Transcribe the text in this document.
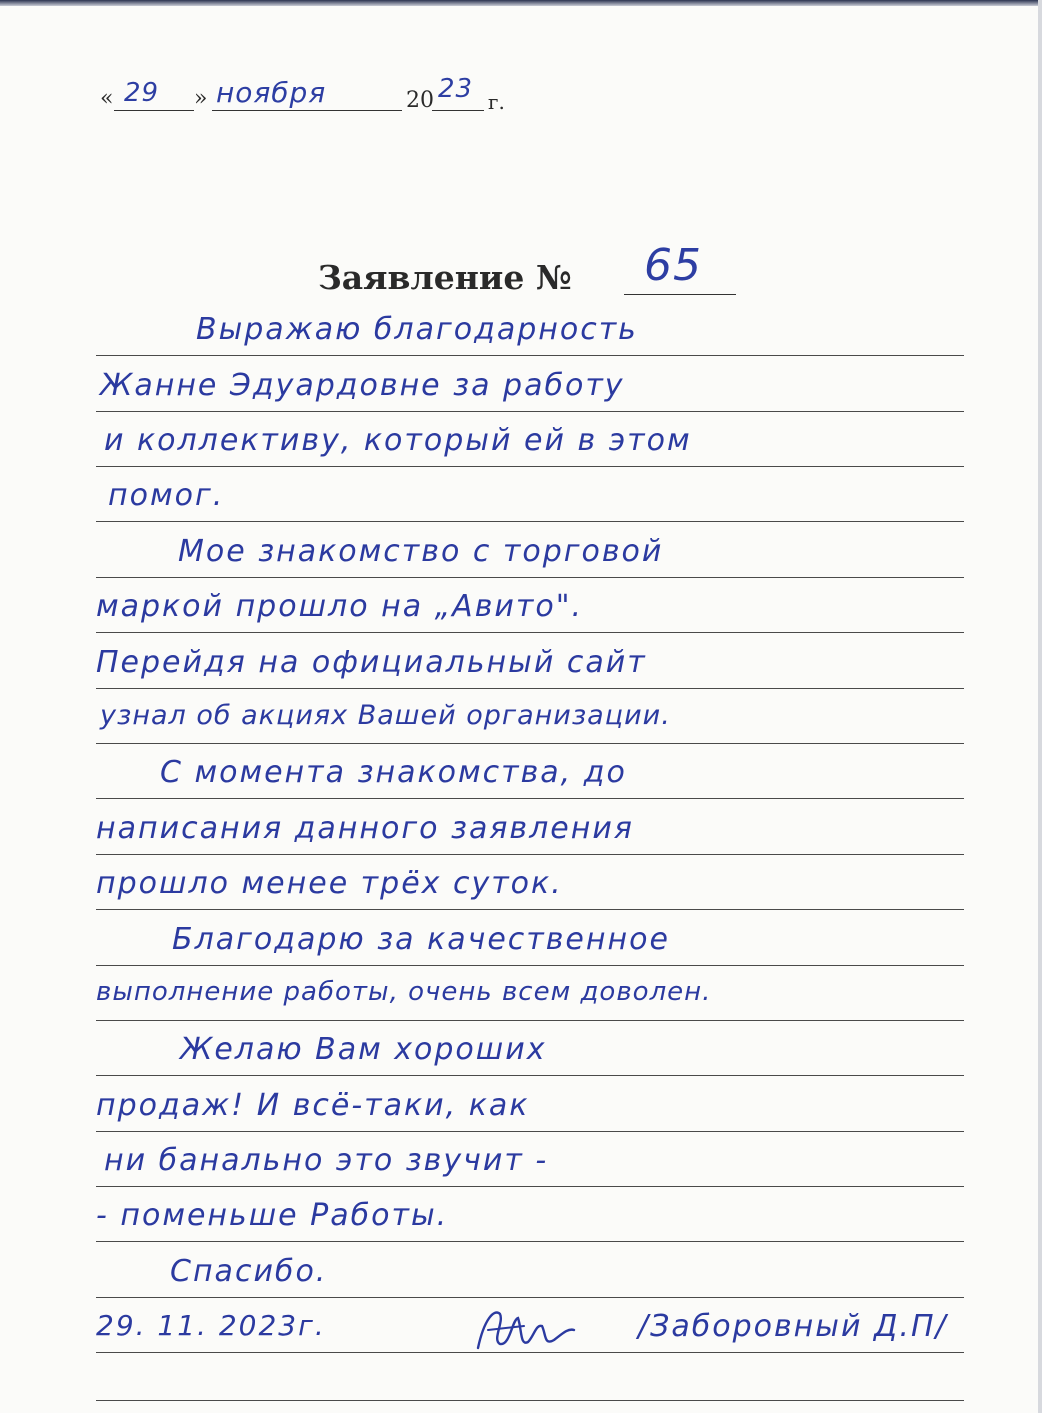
« 29 » ноября	20 23 г.
Заявление № 65
Выражаю благодарность
Жанне Эдуардовне за работу
и коллективу, который ей в этом
помог.
Мое знакомство с торговой
маркой прошло на „Авито".
Перейдя на официальный сайт
узнал об акциях Вашей организации.
С момента знакомства, до
написания данного заявления
прошло менее трёх суток.
Благодарю за качественное
выполнение работы, очень всем доволен.
Желаю Вам хороших
продаж! И всё-таки, как
ни банально это звучит -
- поменьше Работы.
Спасибо.
29. 11. 2023г.	/Заборовный Д.П/
